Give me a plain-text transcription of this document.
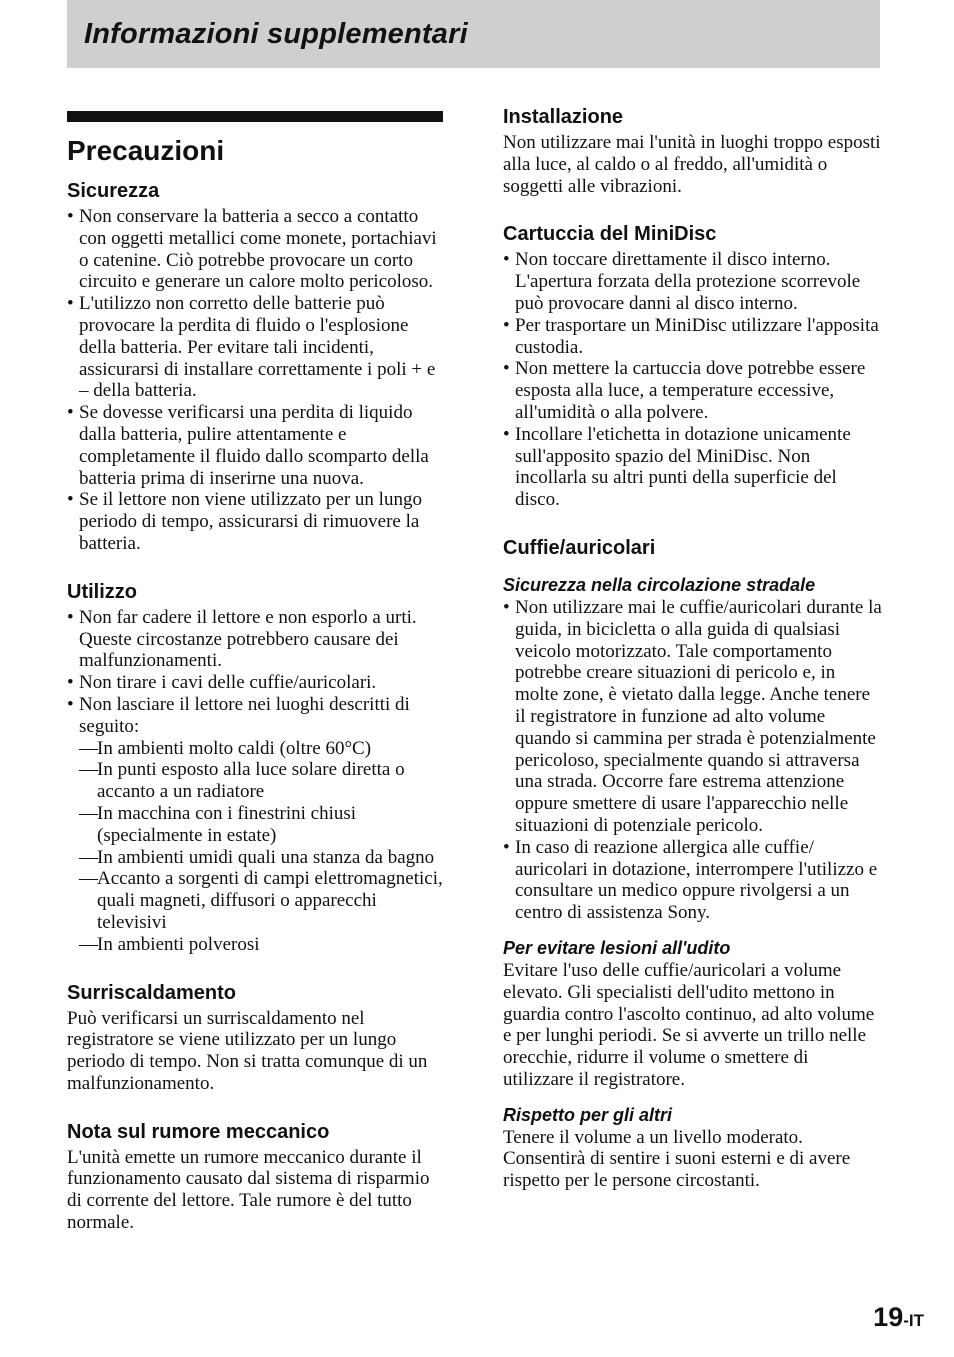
Informazioni supplementari
Precauzioni
Sicurezza
• Non conservare la batteria a secco a contatto con oggetti metallici come monete, portachiavi o catenine. Ciò potrebbe provocare un corto circuito e generare un calore molto pericoloso.
• L'utilizzo non corretto delle batterie può provocare la perdita di fluido o l'esplosione della batteria. Per evitare tali incidenti, assicurarsi di installare correttamente i poli + e – della batteria.
• Se dovesse verificarsi una perdita di liquido dalla batteria, pulire attentamente e completamente il fluido dallo scomparto della batteria prima di inserirne una nuova.
• Se il lettore non viene utilizzato per un lungo periodo di tempo, assicurarsi di rimuovere la batteria.
Utilizzo
• Non far cadere il lettore e non esporlo a urti. Queste circostanze potrebbero causare dei malfunzionamenti.
• Non tirare i cavi delle cuffie/auricolari.
• Non lasciare il lettore nei luoghi descritti di seguito:
— In ambienti molto caldi (oltre 60°C)
— In punti esposto alla luce solare diretta o accanto a un radiatore
— In macchina con i finestrini chiusi (specialmente in estate)
— In ambienti umidi quali una stanza da bagno
— Accanto a sorgenti di campi elettromagnetici, quali magneti, diffusori o apparecchi televisivi
— In ambienti polverosi
Surriscaldamento

Può verificarsi un surriscaldamento nel registratore se viene utilizzato per un lungo periodo di tempo. Non si tratta comunque di un malfunzionamento.

Nota sul rumore meccanico

L'unità emette un rumore meccanico durante il funzionamento causato dal sistema di risparmio di corrente del lettore. Tale rumore è del tutto normale.

Installazione

Non utilizzare mai l'unità in luoghi troppo esposti alla luce, al caldo o al freddo, all'umidità o soggetti alle vibrazioni.

Cartuccia del MiniDisc
• Non toccare direttamente il disco interno. L'apertura forzata della protezione scorrevole può provocare danni al disco interno.
• Per trasportare un MiniDisc utilizzare l'apposita custodia.
• Non mettere la cartuccia dove potrebbe essere esposta alla luce, a temperature eccessive, all'umidità o alla polvere.
• Incollare l'etichetta in dotazione unicamente sull'apposito spazio del MiniDisc. Non incollarla su altri punti della superficie del disco.
Cuffie/auricolari
Sicurezza nella circolazione stradale
• Non utilizzare mai le cuffie/auricolari durante la guida, in bicicletta o alla guida di qualsiasi veicolo motorizzato. Tale comportamento potrebbe creare situazioni di pericolo e, in molte zone, è vietato dalla legge. Anche tenere il registratore in funzione ad alto volume quando si cammina per strada è potenzialmente pericoloso, specialmente quando si attraversa una strada. Occorre fare estrema attenzione oppure smettere di usare l'apparecchio nelle situazioni di potenziale pericolo.
• In caso di reazione allergica alle cuffie/ auricolari in dotazione, interrompere l'utilizzo e consultare un medico oppure rivolgersi a un centro di assistenza Sony.
Per evitare lesioni all'udito

Evitare l'uso delle cuffie/auricolari a volume elevato. Gli specialisti dell'udito mettono in guardia contro l'ascolto continuo, ad alto volume e per lunghi periodi. Se si avverte un trillo nelle orecchie, ridurre il volume o smettere di utilizzare il registratore.

Rispetto per gli altri

Tenere il volume a un livello moderato. Consentirà di sentire i suoni esterni e di avere rispetto per le persone circostanti.

19-IT
